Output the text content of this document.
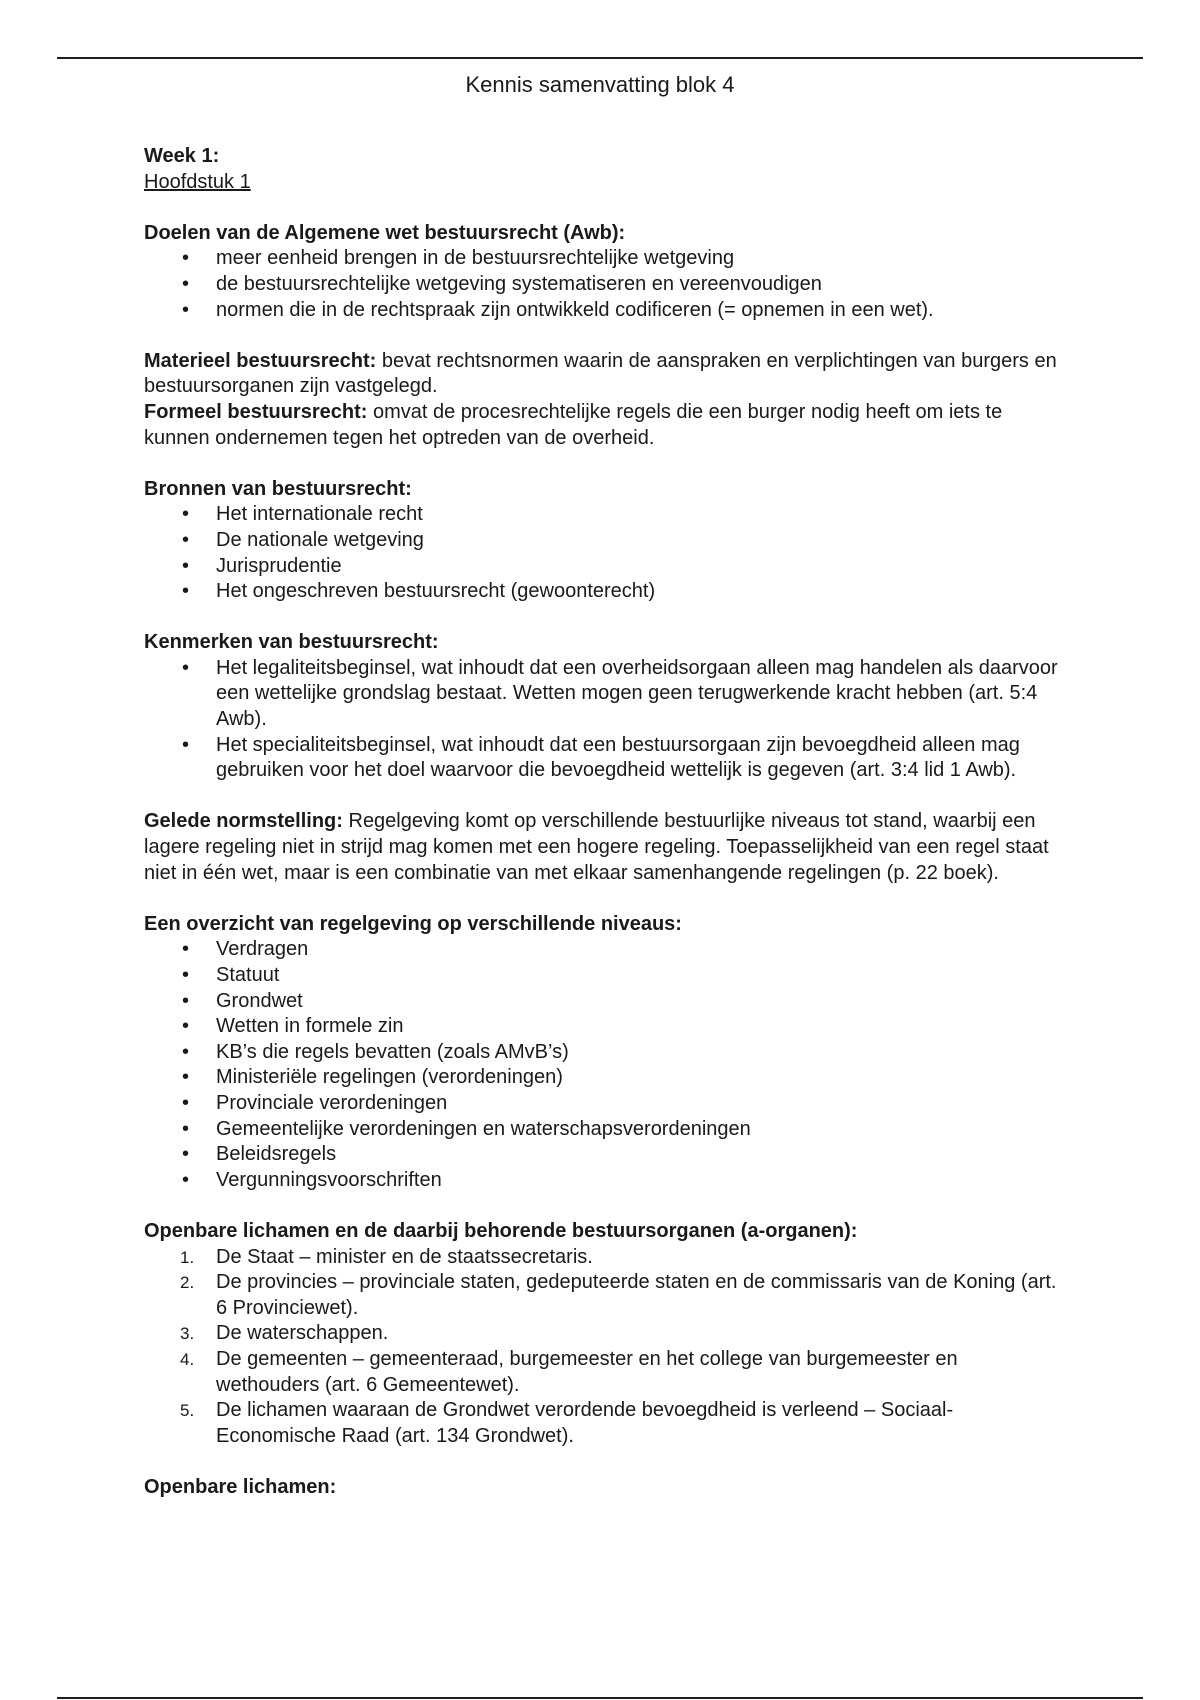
Kennis samenvatting blok 4

Week 1:

Hoofdstuk 1

Doelen van de Algemene wet bestuursrecht (Awb):

• meer eenheid brengen in de bestuursrechtelijke wetgeving
• de bestuursrechtelijke wetgeving systematiseren en vereenvoudigen
• normen die in de rechtspraak zijn ontwikkeld codificeren (= opnemen in een wet).

Materieel bestuursrecht: bevat rechtsnormen waarin de aanspraken en verplichtingen van burgers en bestuursorganen zijn vastgelegd.

Formeel bestuursrecht: omvat de procesrechtelijke regels die een burger nodig heeft om iets te kunnen ondernemen tegen het optreden van de overheid.

Bronnen van bestuursrecht:

• Het internationale recht
• De nationale wetgeving
• Jurisprudentie
• Het ongeschreven bestuursrecht (gewoonterecht)

Kenmerken van bestuursrecht:

• Het legaliteitsbeginsel, wat inhoudt dat een overheidsorgaan alleen mag handelen als daarvoor een wettelijke grondslag bestaat. Wetten mogen geen terugwerkende kracht hebben (art. 5:4 Awb).
• Het specialiteitsbeginsel, wat inhoudt dat een bestuursorgaan zijn bevoegdheid alleen mag gebruiken voor het doel waarvoor die bevoegdheid wettelijk is gegeven (art. 3:4 lid 1 Awb).

Gelede normstelling: Regelgeving komt op verschillende bestuurlijke niveaus tot stand, waarbij een lagere regeling niet in strijd mag komen met een hogere regeling. Toepasselijkheid van een regel staat niet in één wet, maar is een combinatie van met elkaar samenhangende regelingen (p. 22 boek).

Een overzicht van regelgeving op verschillende niveaus:

• Verdragen
• Statuut
• Grondwet
• Wetten in formele zin
• KB’s die regels bevatten (zoals AMvB’s)
• Ministeriële regelingen (verordeningen)
• Provinciale verordeningen
• Gemeentelijke verordeningen en waterschapsverordeningen
• Beleidsregels
• Vergunningsvoorschriften

Openbare lichamen en de daarbij behorende bestuursorganen (a-organen):

1. De Staat – minister en de staatssecretaris.
2. De provincies – provinciale staten, gedeputeerde staten en de commissaris van de Koning (art. 6 Provinciewet).
3. De waterschappen.
4. De gemeenten – gemeenteraad, burgemeester en het college van burgemeester en wethouders (art. 6 Gemeentewet).
5. De lichamen waaraan de Grondwet verordende bevoegdheid is verleend – Sociaal-Economische Raad (art. 134 Grondwet).

Openbare lichamen:
